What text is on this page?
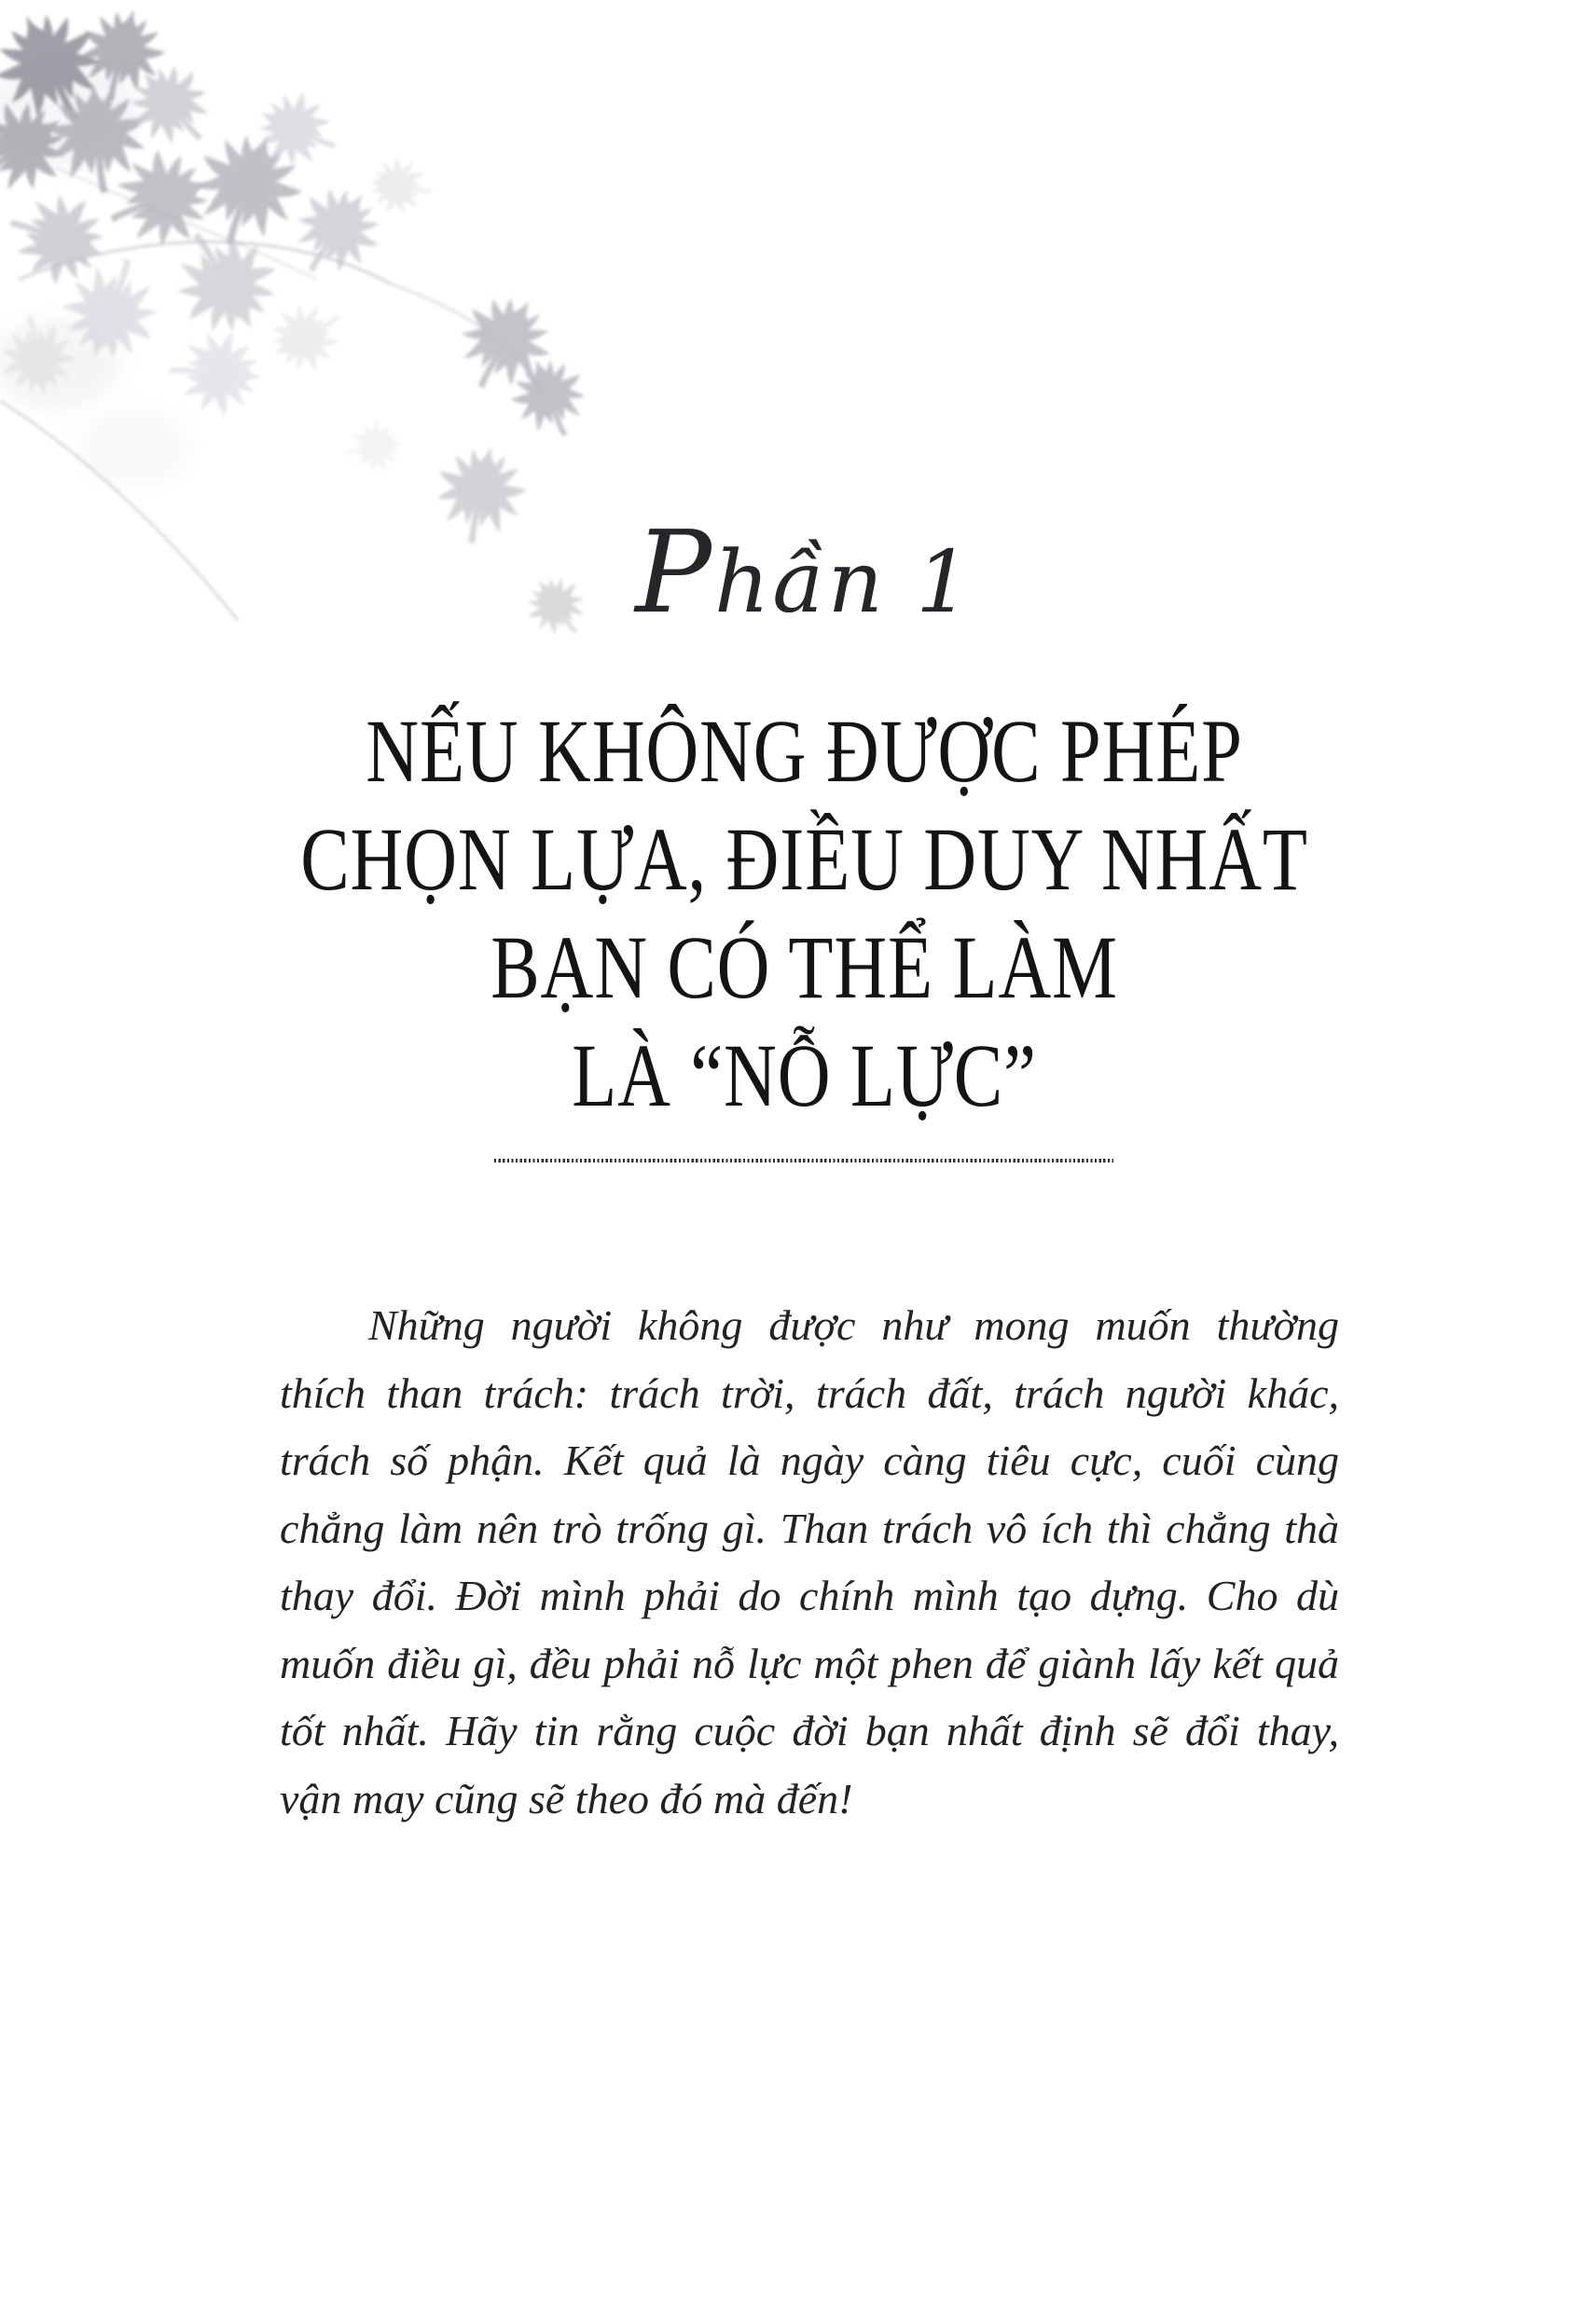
Phần 1
NẾU KHÔNG ĐƯỢC PHÉP
CHỌN LỰA, ĐIỀU DUY NHẤT
BẠN CÓ THỂ LÀM
LÀ “NỖ LỰC”

Những người không được như mong muốn thường

thích than trách: trách trời, trách đất, trách người khác,

trách số phận. Kết quả là ngày càng tiêu cực, cuối cùng

chẳng làm nên trò trống gì. Than trách vô ích thì chẳng thà

thay đổi. Đời mình phải do chính mình tạo dựng. Cho dù

muốn điều gì, đều phải nỗ lực một phen để giành lấy kết quả

tốt nhất. Hãy tin rằng cuộc đời bạn nhất định sẽ đổi thay,

vận may cũng sẽ theo đó mà đến!
